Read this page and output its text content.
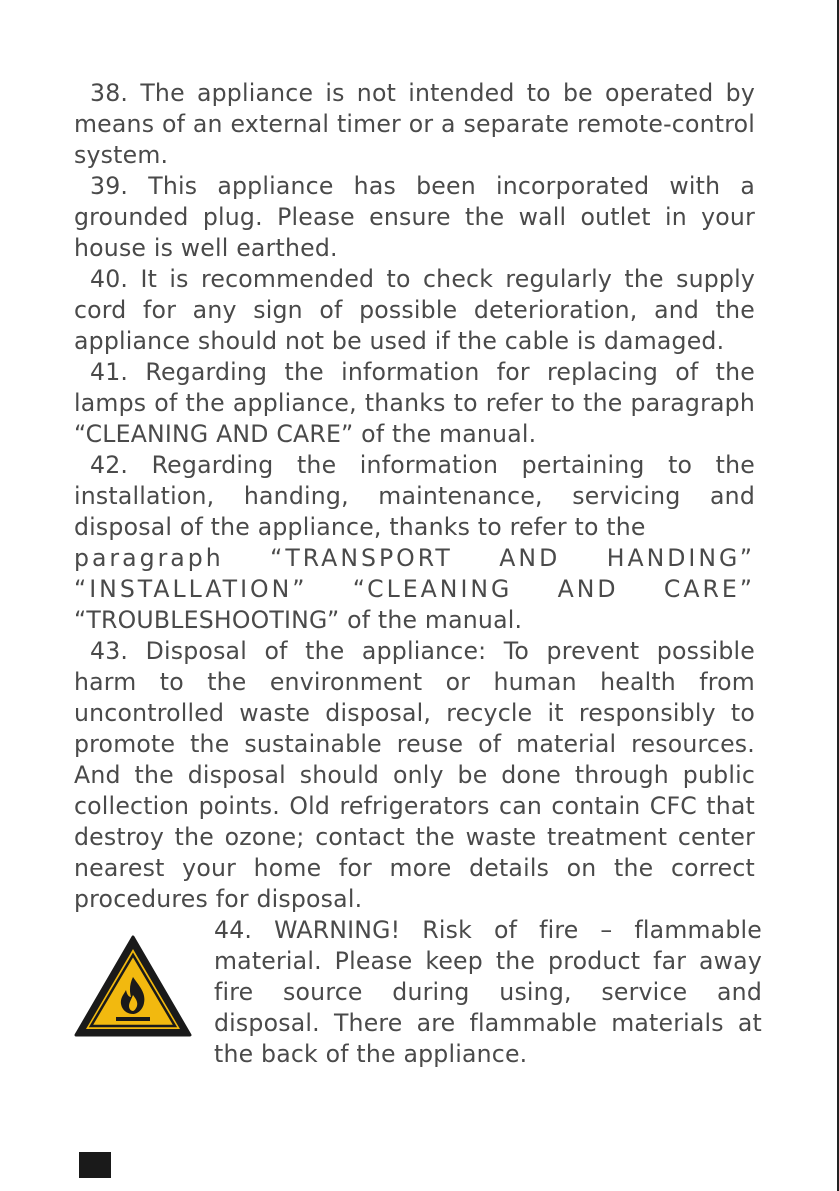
38. The appliance is not intended to be operated by means of an external timer or a separate remote-control system.

39. This appliance has been incorporated with a grounded plug. Please ensure the wall outlet in your house is well earthed.

40. It is recommended to check regularly the supply cord for any sign of possible deterioration, and the appliance should not be used if the cable is damaged.

41. Regarding the information for replacing of the lamps of the appliance, thanks to refer to the paragraph “CLEANING AND CARE” of the manual.

42. Regarding the information pertaining to the installation, handing, maintenance, servicing and disposal of the appliance, thanks to refer to the
paragraph “TRANSPORT AND HANDING”
“INSTALLATION” “CLEANING AND CARE”
“TROUBLESHOOTING” of the manual.

43. Disposal of the appliance: To prevent possible harm to the environment or human health from uncontrolled waste disposal, recycle it responsibly to promote the sustainable reuse of material resources. And the disposal should only be done through public collection points. Old refrigerators can contain CFC that destroy the ozone; contact the waste treatment center nearest your home for more details on the correct procedures for disposal.

44. WARNING! Risk of fire – flammable material. Please keep the product far away fire source during using, service and disposal. There are flammable materials at the back of the appliance.
